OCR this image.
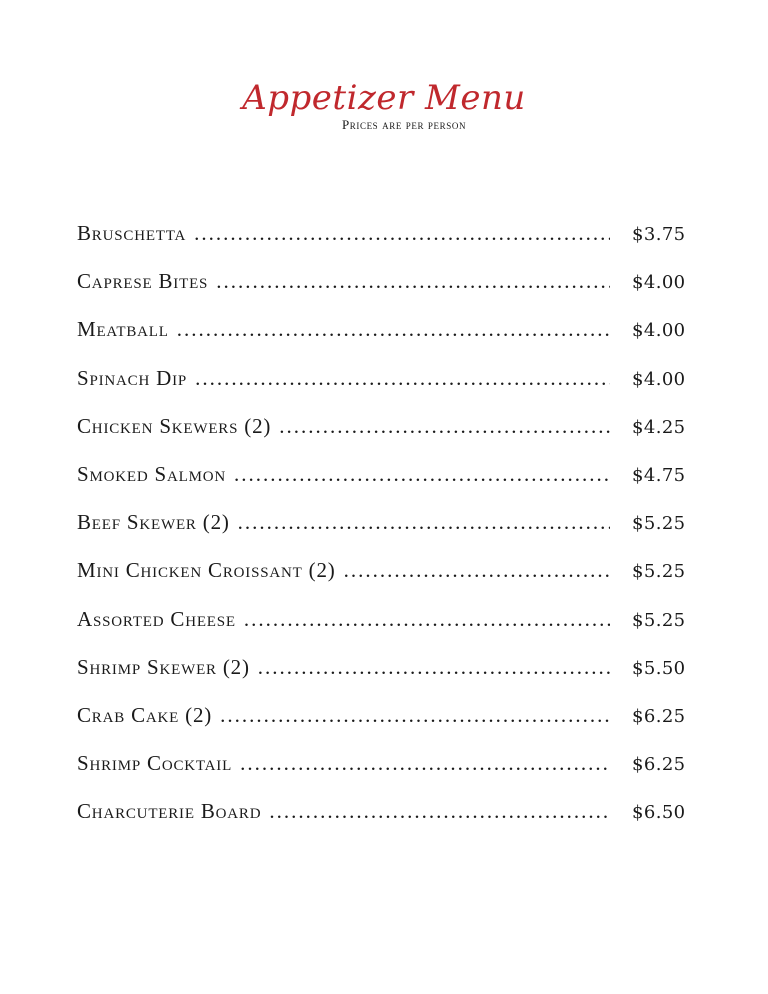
Appetizer Menu
Prices are per person
Bruschetta .....	$3.75
Caprese Bites .....	$4.00
Meatball .....	$4.00
Spinach Dip .....	$4.00
Chicken Skewers (2) .....	$4.25
Smoked Salmon .....	$4.75
Beef Skewer (2) .....	$5.25
Mini Chicken Croissant (2) .....	$5.25
Assorted Cheese .....	$5.25
Shrimp Skewer (2) .....	$5.50
Crab Cake (2) .....	$6.25
Shrimp Cocktail .....	$6.25
Charcuterie Board .....	$6.50
